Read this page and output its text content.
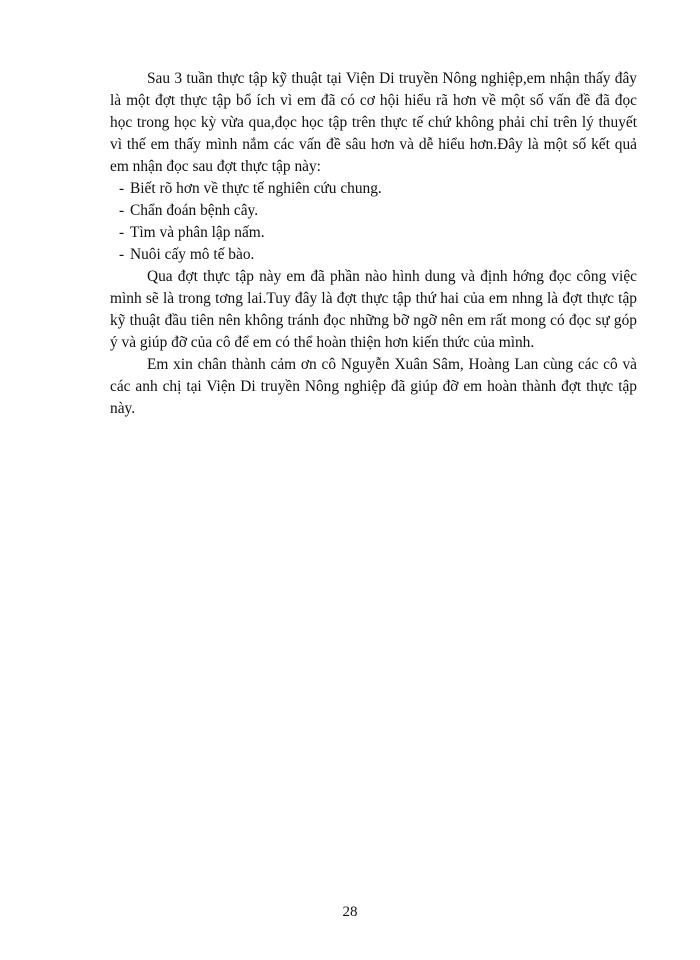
Sau 3 tuần thực tập kỹ thuật tại Viện Di truyền Nông nghiệp,em nhận thấy đây là một đợt thực tập bổ ích vì em đã có cơ hội hiểu rã hơn về một số vấn đề đã đọc học trong học kỳ vừa qua,đọc học tập trên thực tế chứ không phải chỉ trên lý thuyết vì thế em thấy mình nắm các vấn đề sâu hơn và dễ hiểu hơn.Đây là một số kết quả em nhận đọc sau đợt thực tập này:

- Biết rõ hơn về thực tế nghiên cứu chung.
- Chẩn đoán bệnh cây.
- Tìm và phân lập nấm.
- Nuôi cấy mô tế bào.

Qua đợt thực tập này em đã phần nào hình dung và định hớng đọc công việc mình sẽ là trong tơng lai.Tuy đây là đợt thực tập thứ hai của em nhng là đợt thực tập kỹ thuật đầu tiên nên không tránh đọc những bỡ ngỡ nên em rất mong có đọc sự góp ý và giúp đỡ của cô để em có thể hoàn thiện hơn kiến thức của mình.

Em xin chân thành cảm ơn cô Nguyễn Xuân Sâm, Hoàng Lan cùng các cô và các anh chị tại Viện Di truyền Nông nghiệp đã giúp đỡ em hoàn thành đợt thực tập này.

28
